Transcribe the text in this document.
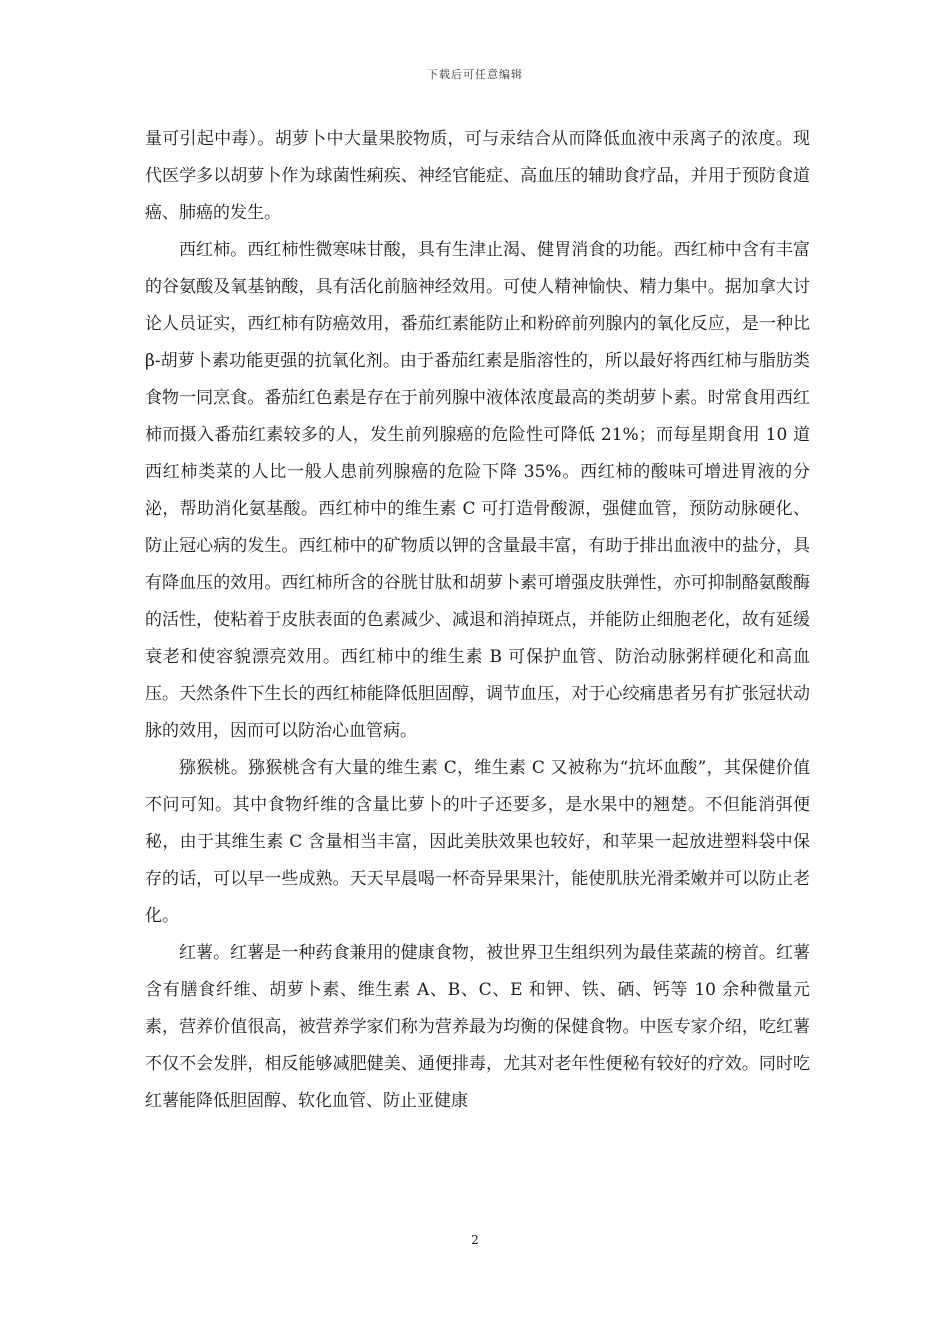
下载后可任意编辑

量可引起中毒）。胡萝卜中大量果胶物质，可与汞结合从而降低血液中汞离子的浓度。现代医学多以胡萝卜作为球菌性痢疾、神经官能症、高血压的辅助食疗品，并用于预防食道癌、肺癌的发生。

西红柿。西红柿性微寒味甘酸，具有生津止渴、健胃消食的功能。西红柿中含有丰富的谷氨酸及氧基钠酸，具有活化前脑神经效用。可使人精神愉快、精力集中。据加拿大讨论人员证实，西红柿有防癌效用，番茄红素能防止和粉碎前列腺内的氧化反应，是一种比 β-胡萝卜素功能更强的抗氧化剂。由于番茄红素是脂溶性的，所以最好将西红柿与脂肪类食物一同烹食。番茄红色素是存在于前列腺中液体浓度最高的类胡萝卜素。时常食用西红柿而摄入番茄红素较多的人，发生前列腺癌的危险性可降低 21%；而每星期食用 10 道西红柿类菜的人比一般人患前列腺癌的危险下降 35%。西红柿的酸味可增进胃液的分泌，帮助消化氨基酸。西红柿中的维生素 C 可打造骨酸源，强健血管，预防动脉硬化、防止冠心病的发生。西红柿中的矿物质以钾的含量最丰富，有助于排出血液中的盐分，具有降血压的效用。西红柿所含的谷胱甘肽和胡萝卜素可增强皮肤弹性，亦可抑制酪氨酸酶的活性，使粘着于皮肤表面的色素减少、减退和消掉斑点，并能防止细胞老化，故有延缓衰老和使容貌漂亮效用。西红柿中的维生素 B 可保护血管、防治动脉粥样硬化和高血压。天然条件下生长的西红柿能降低胆固醇，调节血压，对于心绞痛患者另有扩张冠状动脉的效用，因而可以防治心血管病。

猕猴桃。猕猴桃含有大量的维生素 C，维生素 C 又被称为“抗坏血酸”，其保健价值不问可知。其中食物纤维的含量比萝卜的叶子还要多，是水果中的翘楚。不但能消弭便秘，由于其维生素 C 含量相当丰富，因此美肤效果也较好，和苹果一起放进塑料袋中保存的话，可以早一些成熟。天天早晨喝一杯奇异果果汁，能使肌肤光滑柔嫩并可以防止老化。

红薯。红薯是一种药食兼用的健康食物，被世界卫生组织列为最佳菜蔬的榜首。红薯含有膳食纤维、胡萝卜素、维生素 A、B、C、E 和钾、铁、硒、钙等 10 余种微量元素，营养价值很高，被营养学家们称为营养最为均衡的保健食物。中医专家介绍，吃红薯不仅不会发胖，相反能够减肥健美、通便排毒，尤其对老年性便秘有较好的疗效。同时吃红薯能降低胆固醇、软化血管、防止亚健康

2
